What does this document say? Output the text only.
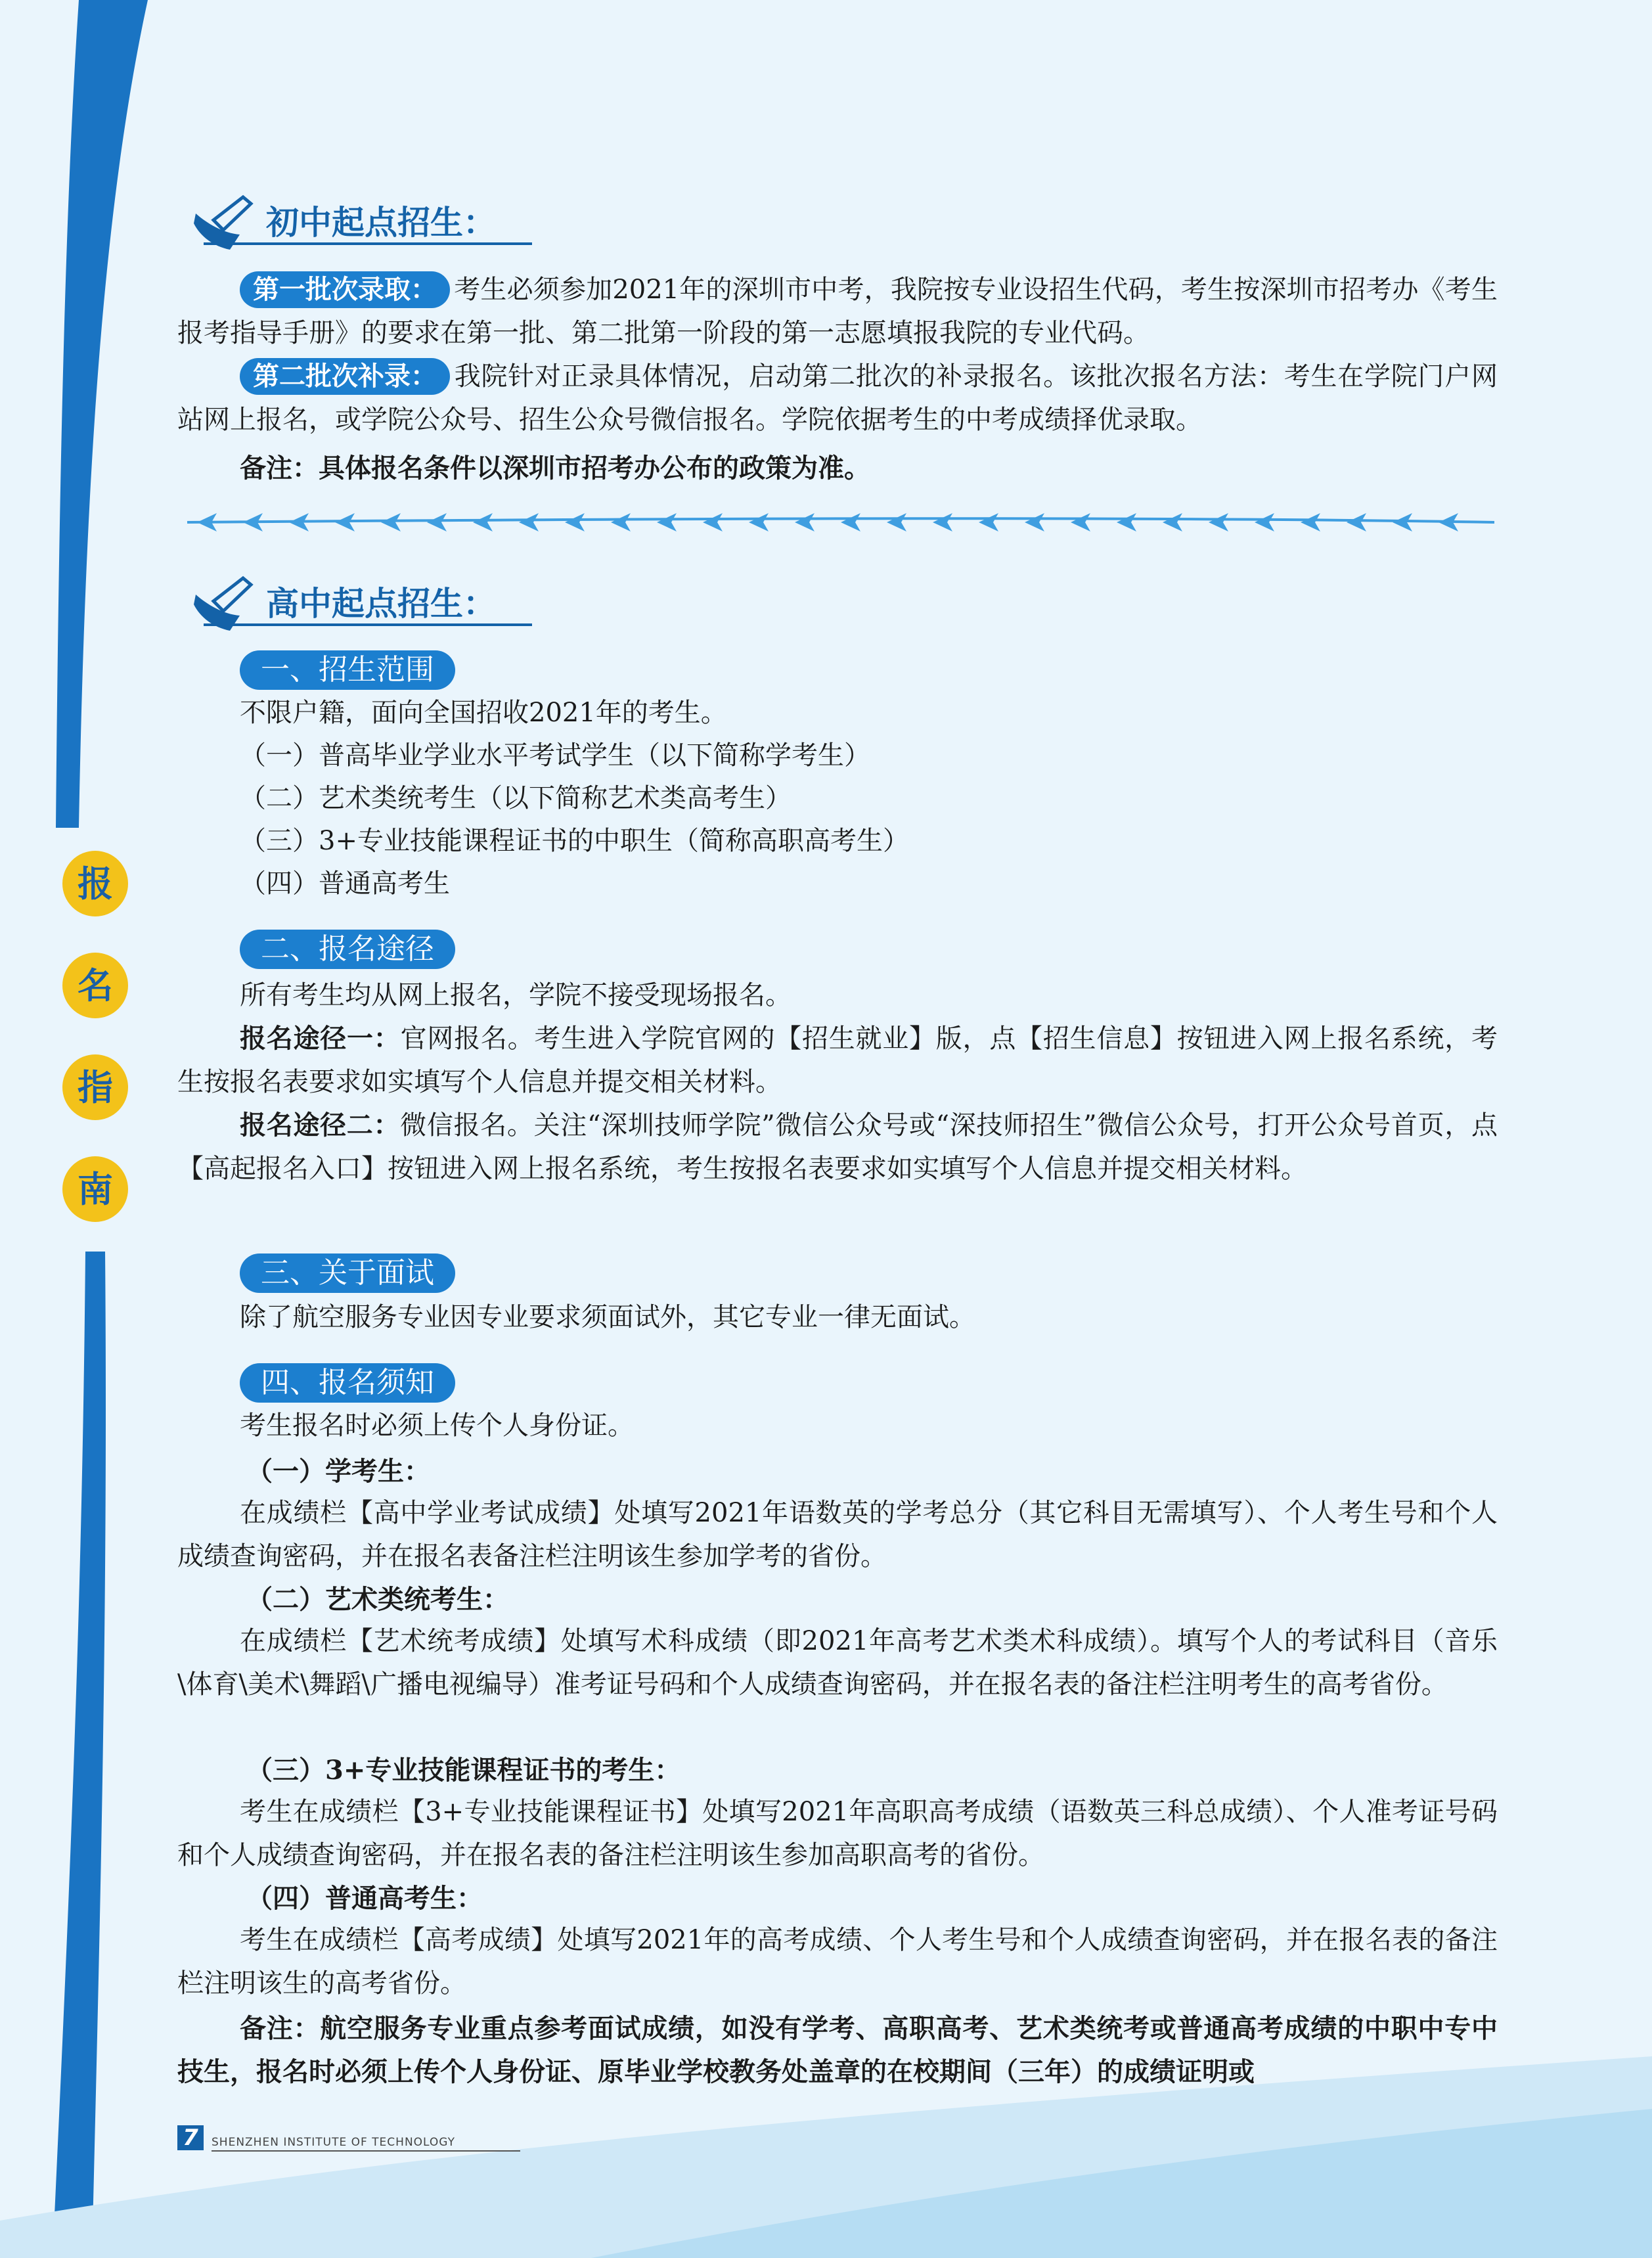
初中起点招生：
第一批次录取： 考生必须参加2021年的深圳市中考，我院按专业设招生代码，考生按深圳市招考办《考生报考指导手册》的要求在第一批、第二批第一阶段的第一志愿填报我院的专业代码。
第二批次补录： 我院针对正录具体情况，启动第二批次的补录报名。该批次报名方法：考生在学院门户网站网上报名，或学院公众号、招生公众号微信报名。学院依据考生的中考成绩择优录取。
备注：具体报名条件以深圳市招考办公布的政策为准。
高中起点招生：
一、招生范围
不限户籍，面向全国招收2021年的考生。
（一）普高毕业学业水平考试学生（以下简称学考生）
（二）艺术类统考生（以下简称艺术类高考生）
（三）3+专业技能课程证书的中职生（简称高职高考生）
（四）普通高考生
二、报名途径
所有考生均从网上报名，学院不接受现场报名。
报名途径一：官网报名。考生进入学院官网的【招生就业】版，点【招生信息】按钮进入网上报名系统，考生按报名表要求如实填写个人信息并提交相关材料。
报名途径二：微信报名。关注“深圳技师学院”微信公众号或“深技师招生”微信公众号，打开公众号首页，点【高起报名入口】按钮进入网上报名系统，考生按报名表要求如实填写个人信息并提交相关材料。
三、关于面试
除了航空服务专业因专业要求须面试外，其它专业一律无面试。
四、报名须知
考生报名时必须上传个人身份证。
（一）学考生：
在成绩栏【高中学业考试成绩】处填写2021年语数英的学考总分（其它科目无需填写）、个人考生号和个人成绩查询密码，并在报名表备注栏注明该生参加学考的省份。
（二）艺术类统考生：
在成绩栏【艺术统考成绩】处填写术科成绩（即2021年高考艺术类术科成绩）。填写个人的考试科目（音乐\体育\美术\舞蹈\广播电视编导）准考证号码和个人成绩查询密码，并在报名表的备注栏注明考生的高考省份。
（三）3+专业技能课程证书的考生：
考生在成绩栏【3+专业技能课程证书】处填写2021年高职高考成绩（语数英三科总成绩）、个人准考证号码和个人成绩查询密码，并在报名表的备注栏注明该生参加高职高考的省份。
（四）普通高考生：
考生在成绩栏【高考成绩】处填写2021年的高考成绩、个人考生号和个人成绩查询密码，并在报名表的备注栏注明该生的高考省份。
备注：航空服务专业重点参考面试成绩，如没有学考、高职高考、艺术类统考或普通高考成绩的中职中专中技生，报名时必须上传个人身份证、原毕业学校教务处盖章的在校期间（三年）的成绩证明或
报
名
指
南
7	SHENZHEN INSTITUTE OF TECHNOLOGY
